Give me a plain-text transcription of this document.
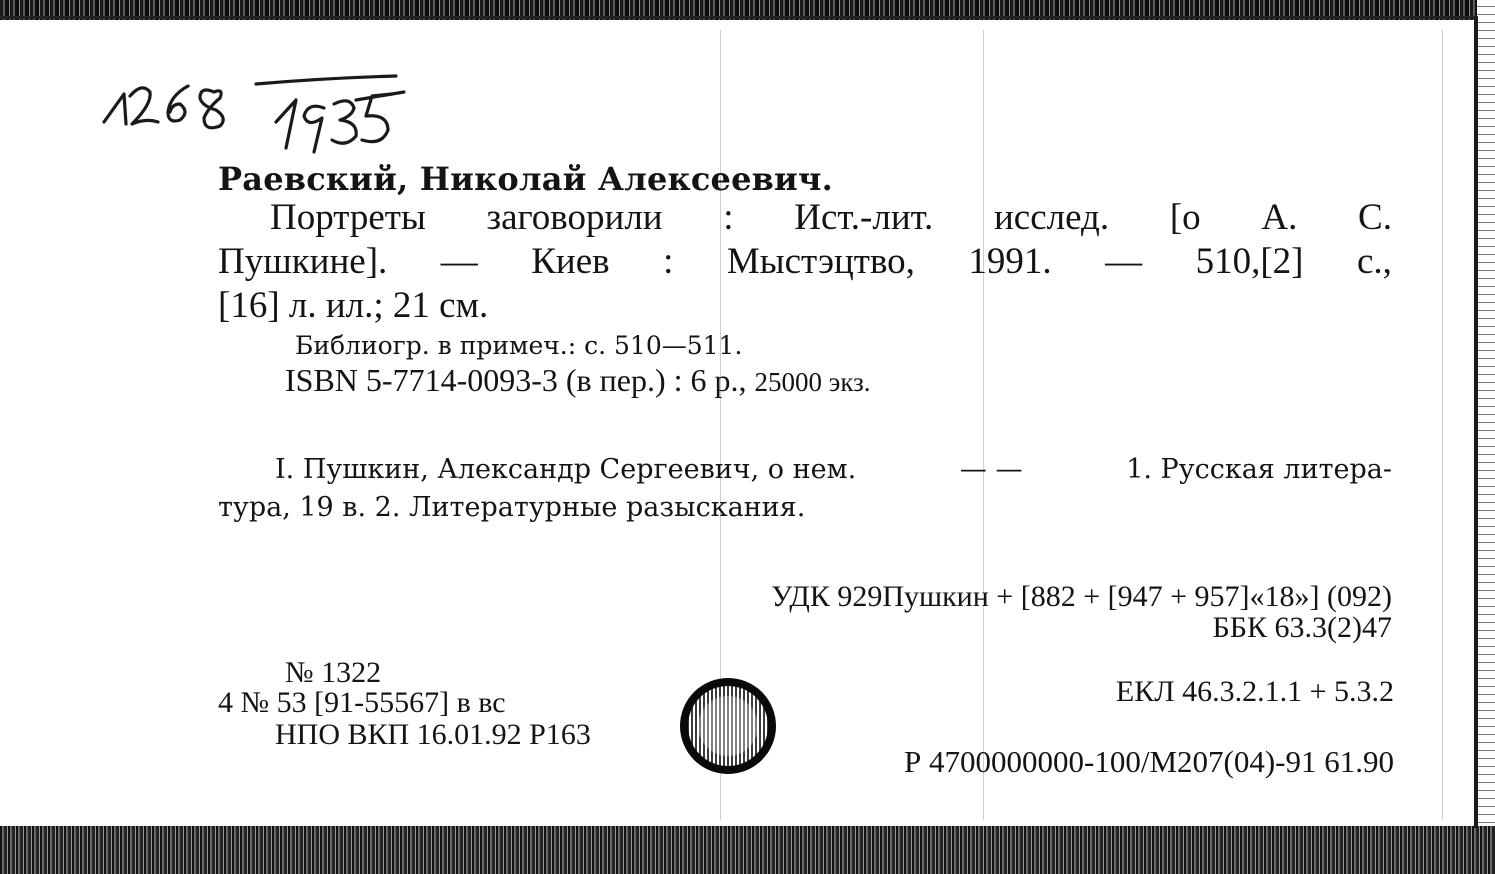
Раевский, Николай Алексеевич.
Портреты заговорили : Ист.-лит. исслед. [о А. С.
Пушкине]. — Киев : Мыстэцтво, 1991. — 510,[2] с.,
[16] л. ил.; 21 см.
Библиогр. в примеч.: с. 510—511.
ISBN 5-7714-0093-3 (в пер.) : 6 р., 25000 экз.
I. Пушкин, Александр Сергеевич, о нем.	— —	1. Русская литера-
тура, 19 в. 2. Литературные разыскания.
УДК 929Пушкин + [882 + [947 + 957]«18»] (092)
ББК 63.3(2)47
№ 1322
4 № 53 [91-55567] в вс
НПО ВКП 16.01.92 Р163
ЕКЛ 46.3.2.1.1 + 5.3.2
Р 4700000000-100/М207(04)-91 61.90
